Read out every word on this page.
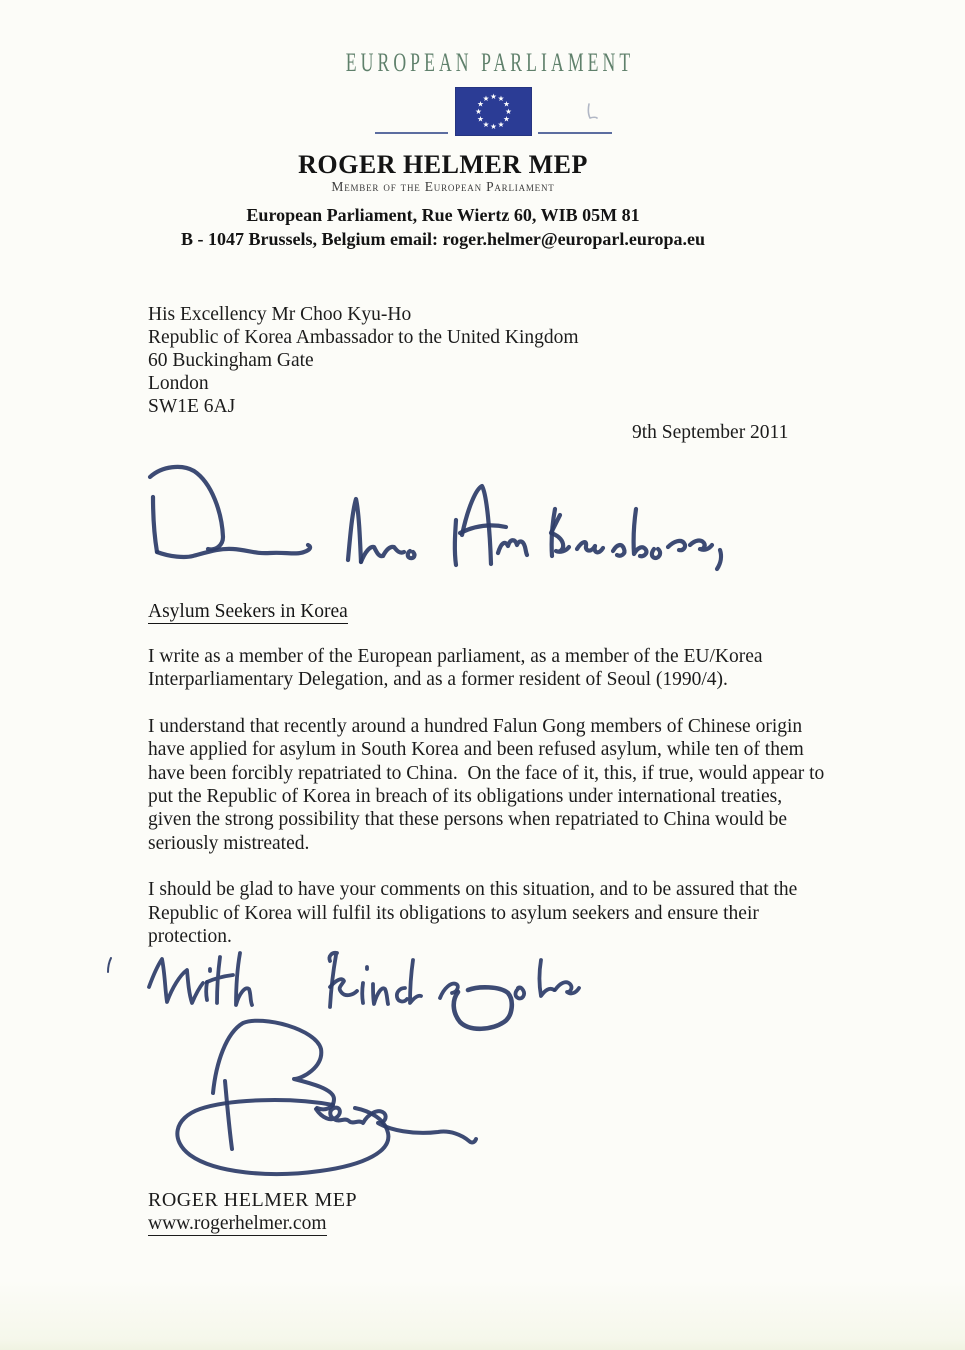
EUROPEAN PARLIAMENT
★ ★
★
★
★
★
★
★
★
★
★
★
ROGER HELMER MEP
Member of the European Parliament
European Parliament, Rue Wiertz 60, WIB 05M 81
B - 1047 Brussels, Belgium email: roger.helmer@europarl.europa.eu
His Excellency Mr Choo Kyu-Ho
Republic of Korea Ambassador to the United Kingdom
60 Buckingham Gate
London
SW1E 6AJ
9th September 2011
Asylum Seekers in Korea

I write as a member of the European parliament, as a member of the EU/Korea Interparliamentary Delegation, and as a former resident of Seoul (1990/4).

I understand that recently around a hundred Falun Gong members of Chinese origin have applied for asylum in South Korea and been refused asylum, while ten of them have been forcibly repatriated to China.  On the face of it, this, if true, would appear to put the Republic of Korea in breach of its obligations under international treaties, given the strong possibility that these persons when repatriated to China would be seriously mistreated.

I should be glad to have your comments on this situation, and to be assured that the Republic of Korea will fulfil its obligations to asylum seekers and ensure their protection.

ROGER HELMER MEP
www.rogerhelmer.com
